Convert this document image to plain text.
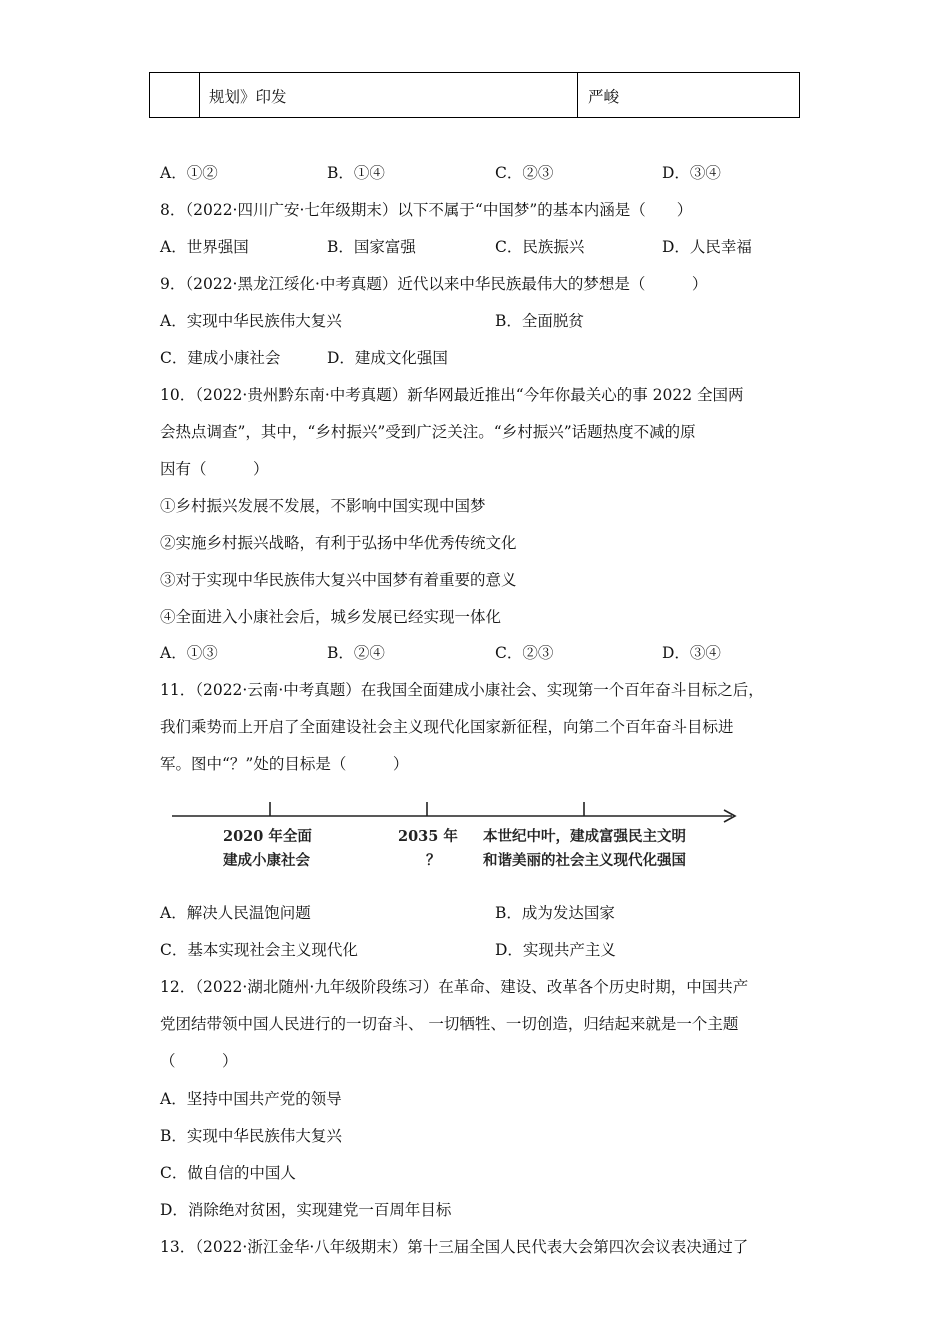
规划》印发	严峻
A．①②	B．①④	C．②③	D．③④
8．（2022·四川广安·七年级期末）以下不属于“中国梦”的基本内涵是（　　）
A．世界强国	B．国家富强	C．民族振兴	D．人民幸福
9．（2022·黑龙江绥化·中考真题）近代以来中华民族最伟大的梦想是（　　　）
A．实现中华民族伟大复兴	B．全面脱贫
C．建成小康社会	D．建成文化强国
10．（2022·贵州黔东南·中考真题）新华网最近推出“今年你最关心的事 2022 全国两
会热点调查”，其中，“乡村振兴”受到广泛关注。“乡村振兴”话题热度不减的原
因有（　　　）
①乡村振兴发展不发展，不影响中国实现中国梦
②实施乡村振兴战略，有利于弘扬中华优秀传统文化
③对于实现中华民族伟大复兴中国梦有着重要的意义
④全面进入小康社会后，城乡发展已经实现一体化
A．①③	B．②④	C．②③	D．③④
11．（2022·云南·中考真题）在我国全面建成小康社会、实现第一个百年奋斗目标之后，
我们乘势而上开启了全面建设社会主义现代化国家新征程，向第二个百年奋斗目标进
军。图中“？”处的目标是（　　　）
2020 年全面
建成小康社会
2035 年
？
本世纪中叶，建成富强民主文明
和谐美丽的社会主义现代化强国
A．解决人民温饱问题	B．成为发达国家
C．基本实现社会主义现代化	D．实现共产主义
12．（2022·湖北随州·九年级阶段练习）在革命、建设、改革各个历史时期，中国共产
党团结带领中国人民进行的一切奋斗、 一切牺牲、一切创造，归结起来就是一个主题
（　　　）
A．坚持中国共产党的领导
B．实现中华民族伟大复兴
C．做自信的中国人
D．消除绝对贫困，实现建党一百周年目标
13．（2022·浙江金华·八年级期末）第十三届全国人民代表大会第四次会议表决通过了
